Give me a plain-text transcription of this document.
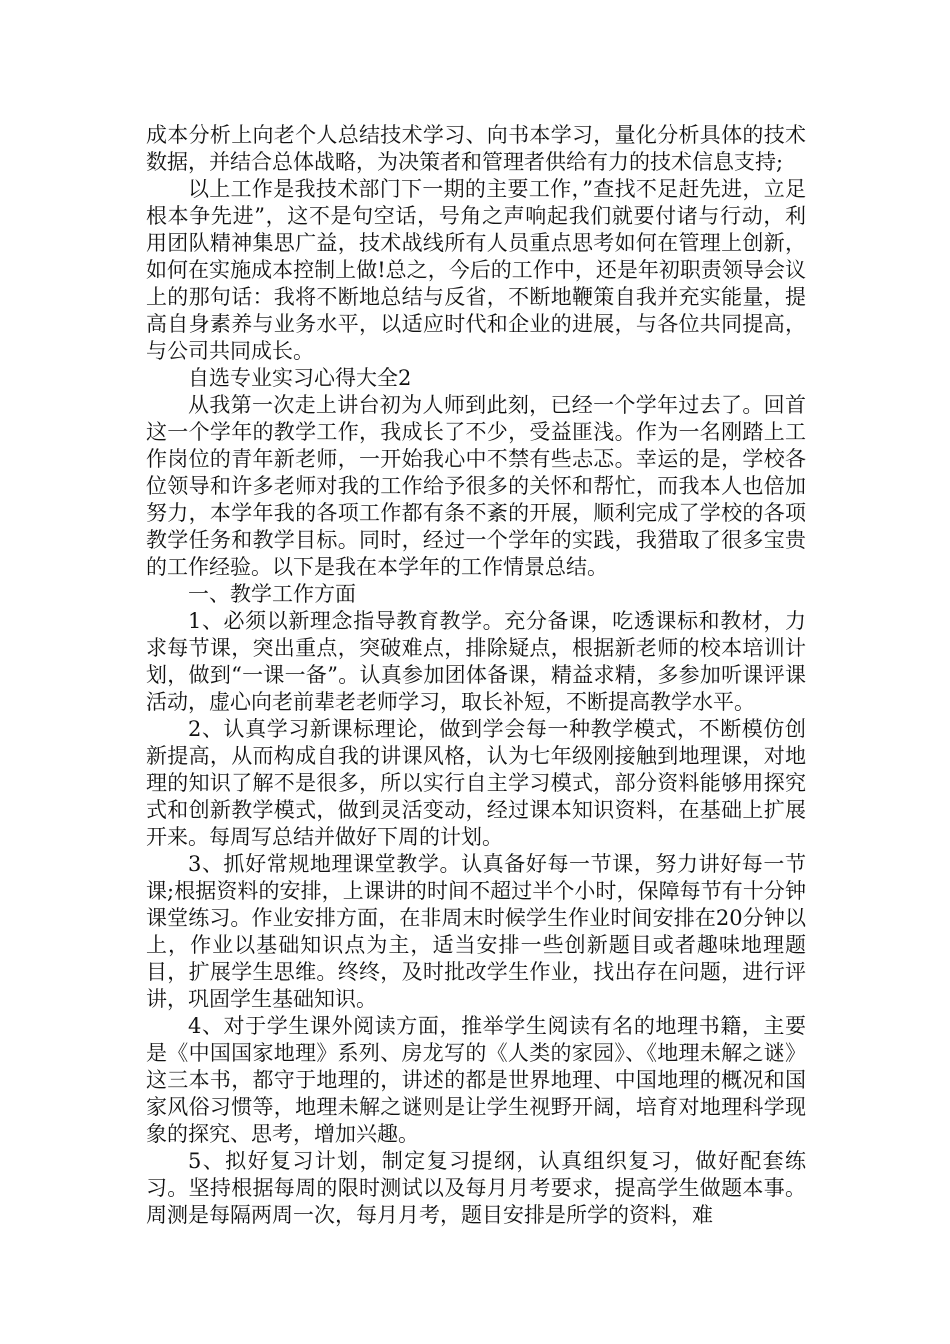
成本分析上向老个人总结技术学习、向书本学习，量化分析具体的技术数据，并结合总体战略，为决策者和管理者供给有力的技术信息支持;

以上工作是我技术部门下一期的主要工作，”查找不足赶先进，立足根本争先进”，这不是句空话，号角之声响起我们就要付诸与行动，利用团队精神集思广益，技术战线所有人员重点思考如何在管理上创新，如何在实施成本控制上做!总之，今后的工作中，还是年初职责领导会议上的那句话：我将不断地总结与反省，不断地鞭策自我并充实能量，提高自身素养与业务水平，以适应时代和企业的进展，与各位共同提高，与公司共同成长。

自选专业实习心得大全2

从我第一次走上讲台初为人师到此刻，已经一个学年过去了。回首这一个学年的教学工作，我成长了不少，受益匪浅。作为一名刚踏上工作岗位的青年新老师，一开始我心中不禁有些忐忑。幸运的是，学校各位领导和许多老师对我的工作给予很多的关怀和帮忙，而我本人也倍加努力，本学年我的各项工作都有条不紊的开展，顺利完成了学校的各项教学任务和教学目标。同时，经过一个学年的实践，我猎取了很多宝贵的工作经验。以下是我在本学年的工作情景总结。

一、教学工作方面

1、必须以新理念指导教育教学。充分备课，吃透课标和教材，力求每节课，突出重点，突破难点，排除疑点，根据新老师的校本培训计划，做到“一课一备”。认真参加团体备课，精益求精，多参加听课评课活动，虚心向老前辈老老师学习，取长补短，不断提高教学水平。

2、认真学习新课标理论，做到学会每一种教学模式，不断模仿创新提高，从而构成自我的讲课风格，认为七年级刚接触到地理课，对地理的知识了解不是很多，所以实行自主学习模式，部分资料能够用探究式和创新教学模式，做到灵活变动，经过课本知识资料，在基础上扩展开来。每周写总结并做好下周的计划。

3、抓好常规地理课堂教学。认真备好每一节课，努力讲好每一节课;根据资料的安排，上课讲的时间不超过半个小时，保障每节有十分钟课堂练习。作业安排方面，在非周末时候学生作业时间安排在20分钟以上，作业以基础知识点为主，适当安排一些创新题目或者趣味地理题目，扩展学生思维。终终，及时批改学生作业，找出存在问题，进行评讲，巩固学生基础知识。

4、对于学生课外阅读方面，推举学生阅读有名的地理书籍，主要是《中国国家地理》系列、房龙写的《人类的家园》、《地理未解之谜》这三本书，都守于地理的，讲述的都是世界地理、中国地理的概况和国家风俗习惯等，地理未解之谜则是让学生视野开阔，培育对地理科学现象的探究、思考，增加兴趣。

5、拟好复习计划，制定复习提纲，认真组织复习，做好配套练习。坚持根据每周的限时测试以及每月月考要求，提高学生做题本事。周测是每隔两周一次，每月月考，题目安排是所学的资料，难
